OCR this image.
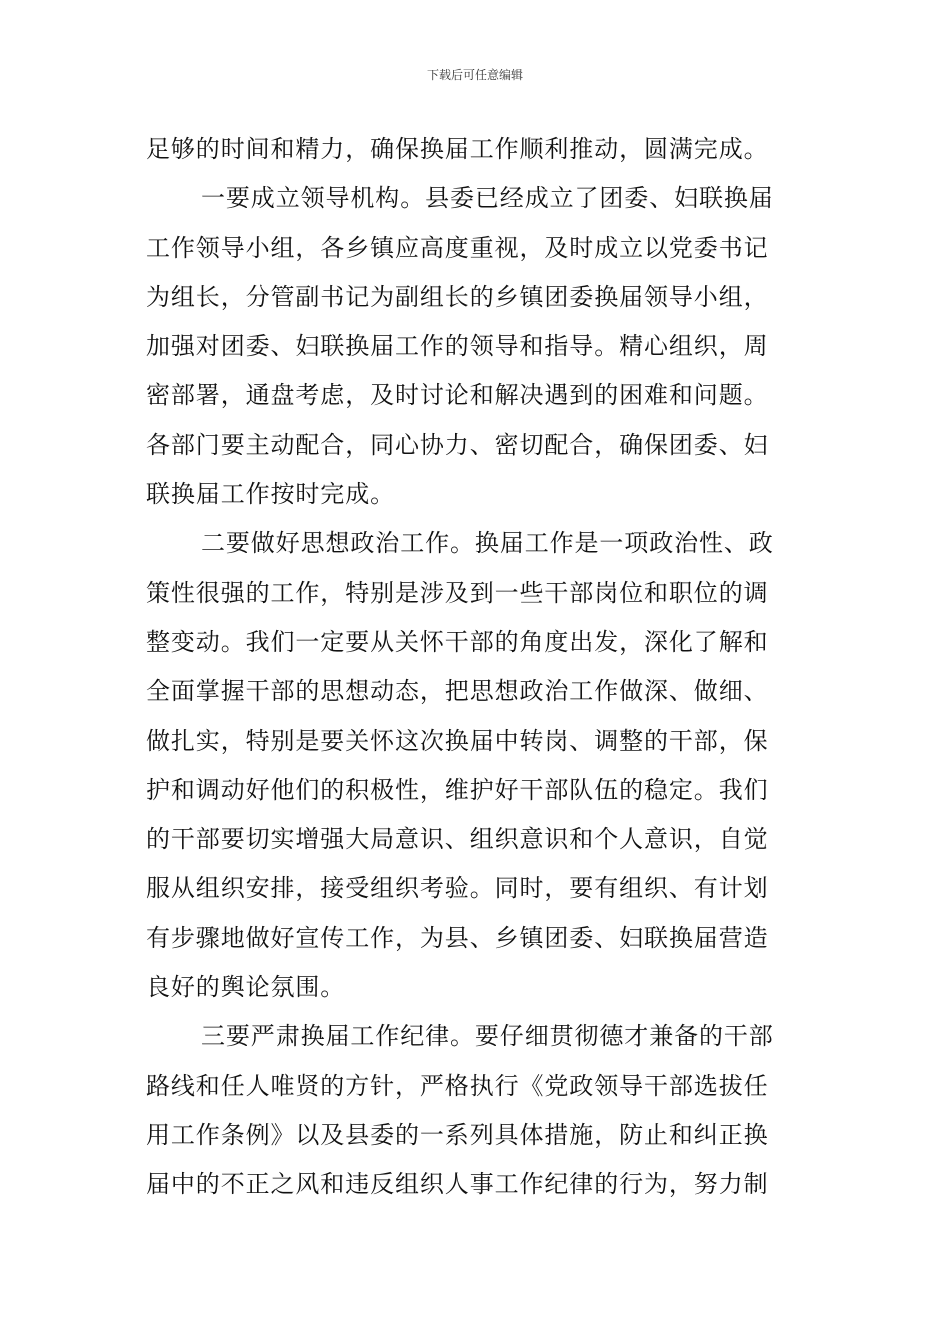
下载后可任意编辑

足够的时间和精力，确保换届工作顺利推动，圆满完成。

一要成立领导机构。县委已经成立了团委、妇联换届

工作领导小组，各乡镇应高度重视，及时成立以党委书记

为组长，分管副书记为副组长的乡镇团委换届领导小组，

加强对团委、妇联换届工作的领导和指导。精心组织，周

密部署，通盘考虑，及时讨论和解决遇到的困难和问题。

各部门要主动配合，同心协力、密切配合，确保团委、妇

联换届工作按时完成。

二要做好思想政治工作。换届工作是一项政治性、政

策性很强的工作，特别是涉及到一些干部岗位和职位的调

整变动。我们一定要从关怀干部的角度出发，深化了解和

全面掌握干部的思想动态，把思想政治工作做深、做细、

做扎实，特别是要关怀这次换届中转岗、调整的干部，保

护和调动好他们的积极性，维护好干部队伍的稳定。我们

的干部要切实增强大局意识、组织意识和个人意识，自觉

服从组织安排，接受组织考验。同时，要有组织、有计划

有步骤地做好宣传工作，为县、乡镇团委、妇联换届营造

良好的舆论氛围。

三要严肃换届工作纪律。要仔细贯彻德才兼备的干部

路线和任人唯贤的方针，严格执行《党政领导干部选拔任

用工作条例》以及县委的一系列具体措施，防止和纠正换

届中的不正之风和违反组织人事工作纪律的行为，努力制
